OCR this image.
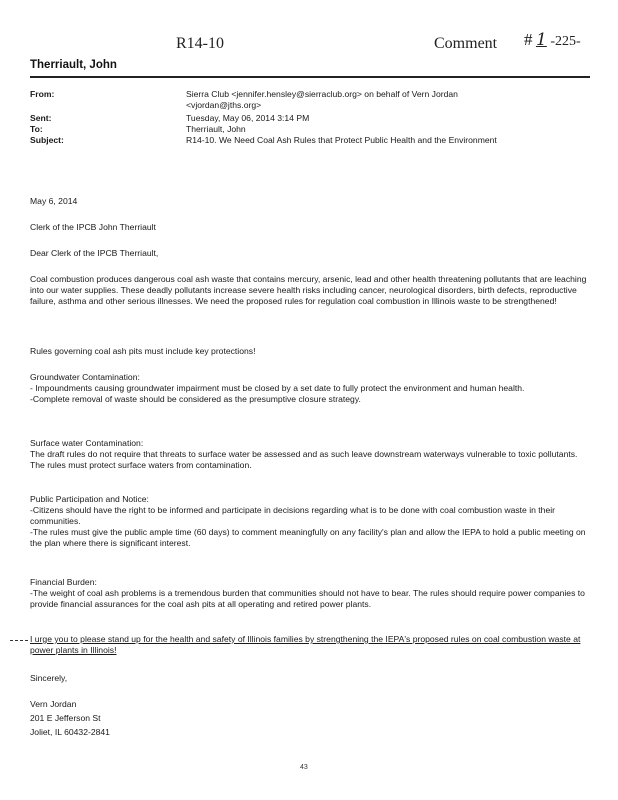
R14-10	Comment # 1 -225-
Therriault, John
From:	Sierra Club <jennifer.hensley@sierraclub.org> on behalf of Vern Jordan
<vjordan@jths.org>
Sent:	Tuesday, May 06, 2014 3:14 PM
To:	Therriault, John
Subject:	R14-10. We Need Coal Ash Rules that Protect Public Health and the Environment
May 6, 2014
Clerk of the IPCB John Therriault
Dear Clerk of the IPCB Therriault,

Coal combustion produces dangerous coal ash waste that contains mercury, arsenic, lead and other health threatening pollutants that are leaching into our water supplies. These deadly pollutants increase severe health risks including cancer, neurological disorders, birth defects, reproductive failure, asthma and other serious illnesses. We need the proposed rules for regulation coal combustion in Illinois waste to be strengthened!

Rules governing coal ash pits must include key protections!

Groundwater Contamination:

- Impoundments causing groundwater impairment must be closed by a set date to fully protect the environment and human health.

-Complete removal of waste should be considered as the presumptive closure strategy.

Surface water Contamination:

The draft rules do not require that threats to surface water be assessed and as such leave downstream waterways vulnerable to toxic pollutants. The rules must protect surface waters from contamination.

Public Participation and Notice:

-Citizens should have the right to be informed and participate in decisions regarding what is to be done with coal combustion waste in their communities.

-The rules must give the public ample time (60 days) to comment meaningfully on any facility's plan and allow the IEPA to hold a public meeting on the plan where there is significant interest.

Financial Burden:

-The weight of coal ash problems is a tremendous burden that communities should not have to bear. The rules should require power companies to provide financial assurances for the coal ash pits at all operating and retired power plants.

I urge you to please stand up for the health and safety of Illinois families by strengthening the IEPA's proposed rules on coal combustion waste at power plants in Illinois!

Sincerely,
Vern Jordan
201 E Jefferson St
Joliet, IL 60432-2841
43
